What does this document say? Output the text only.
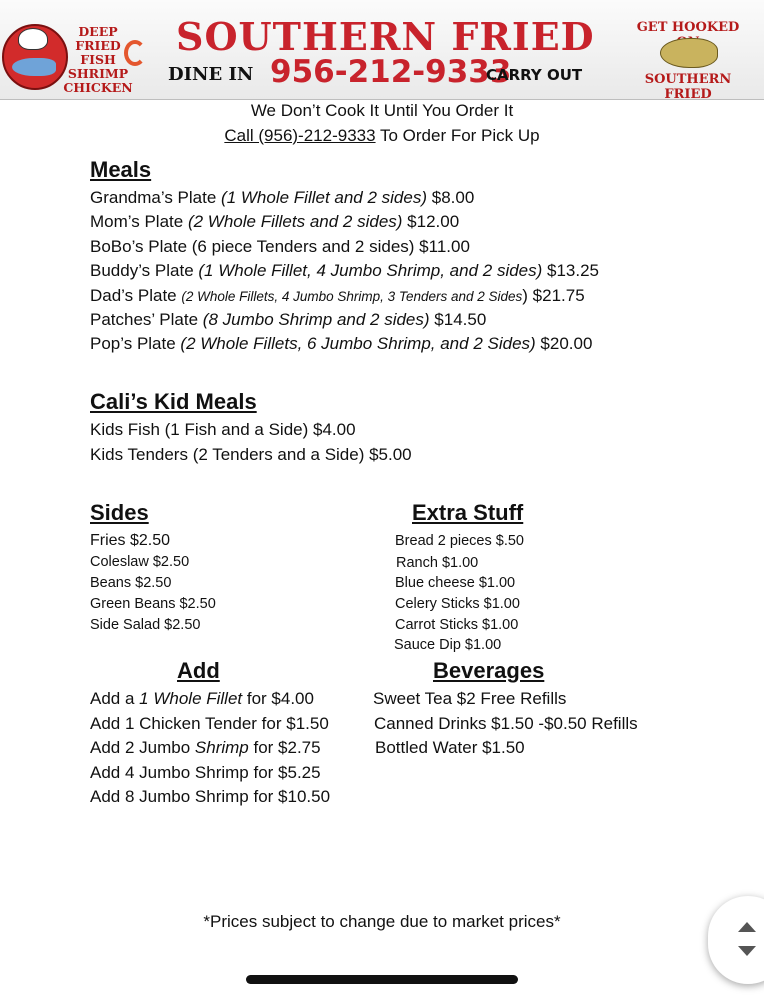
DEEP FRIED
FISH
SHRIMP
CHICKEN
SOUTHERN FRIED
DINE IN 956-212-9333
CARRY OUT
GET HOOKED
SOUTHERN FRIED
We Don’t Cook It Until You Order It
Call (956)-212-9333 To Order For Pick Up
Meals
Grandma’s Plate (1 Whole Fillet and 2 sides) $8.00
Mom’s Plate (2 Whole Fillets and 2 sides) $12.00
BoBo’s Plate (6 piece Tenders and 2 sides) $11.00
Buddy’s Plate (1 Whole Fillet, 4 Jumbo Shrimp, and 2 sides) $13.25
Dad’s Plate (2 Whole Fillets, 4 Jumbo Shrimp, 3 Tenders and 2 Sides) $21.75
Patches’ Plate (8 Jumbo Shrimp and 2 sides) $14.50
Pop’s Plate (2 Whole Fillets, 6 Jumbo Shrimp, and 2 Sides) $20.00
Cali’s Kid Meals
Kids Fish (1 Fish and a Side) $4.00
Kids Tenders (2 Tenders and a Side) $5.00
Sides
Fries $2.50
Coleslaw $2.50
Beans $2.50
Green Beans $2.50
Side Salad $2.50
Extra Stuff
Bread 2 pieces $.50
Ranch $1.00
Blue cheese $1.00
Celery Sticks $1.00
Carrot Sticks $1.00
Sauce Dip $1.00
Add
Add a 1 Whole Fillet for $4.00
Add 1 Chicken Tender for $1.50
Add 2 Jumbo Shrimp for $2.75
Add 4 Jumbo Shrimp for $5.25
Add 8 Jumbo Shrimp for $10.50
Beverages
Sweet Tea $2 Free Refills
Canned Drinks $1.50 -$0.50 Refills
Bottled Water $1.50
*Prices subject to change due to market prices*
